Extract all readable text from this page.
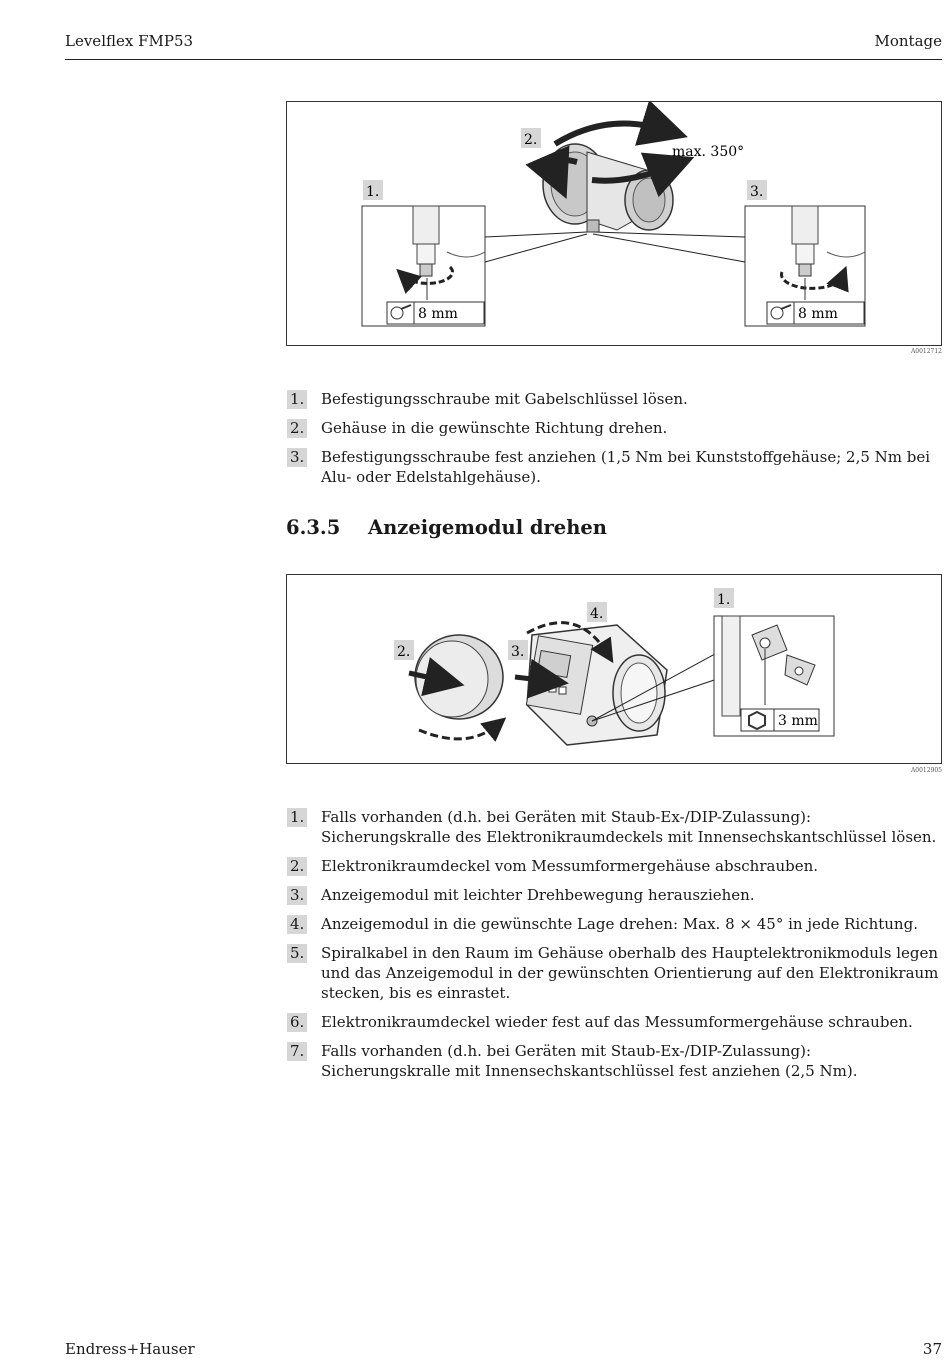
Levelflex FMP53	Montage
1.
2.
3.
max. 350°
8 mm	8 mm
A0012712
1. Befestigungsschraube mit Gabelschlüssel lösen.
2. Gehäuse in die gewünschte Richtung drehen.
3. Befestigungsschraube fest anziehen (1,5 Nm bei Kunststoffgehäuse; 2,5 Nm bei Alu- oder Edelstahlgehäuse).
6.3.5 Anzeigemodul drehen
3 mm
1.
2.	3.
4.
A0012905
1. Falls vorhanden (d.h. bei Geräten mit Staub-Ex-/DIP-Zulassung): Sicherungskralle des Elektronikraumdeckels mit Innensechskantschlüssel lösen.
2. Elektronikraumdeckel vom Messumformergehäuse abschrauben.
3. Anzeigemodul mit leichter Drehbewegung herausziehen.
4. Anzeigemodul in die gewünschte Lage drehen: Max. 8 × 45° in jede Richtung.
5. Spiralkabel in den Raum im Gehäuse oberhalb des Hauptelektronikmoduls legen und das Anzeigemodul in der gewünschten Orientierung auf den Elektronikraum stecken, bis es einrastet.
6. Elektronikraumdeckel wieder fest auf das Messumformergehäuse schrauben.
7. Falls vorhanden (d.h. bei Geräten mit Staub-Ex-/DIP-Zulassung): Sicherungskralle mit Innensechskantschlüssel fest anziehen (2,5 Nm).
Endress+Hauser	37
